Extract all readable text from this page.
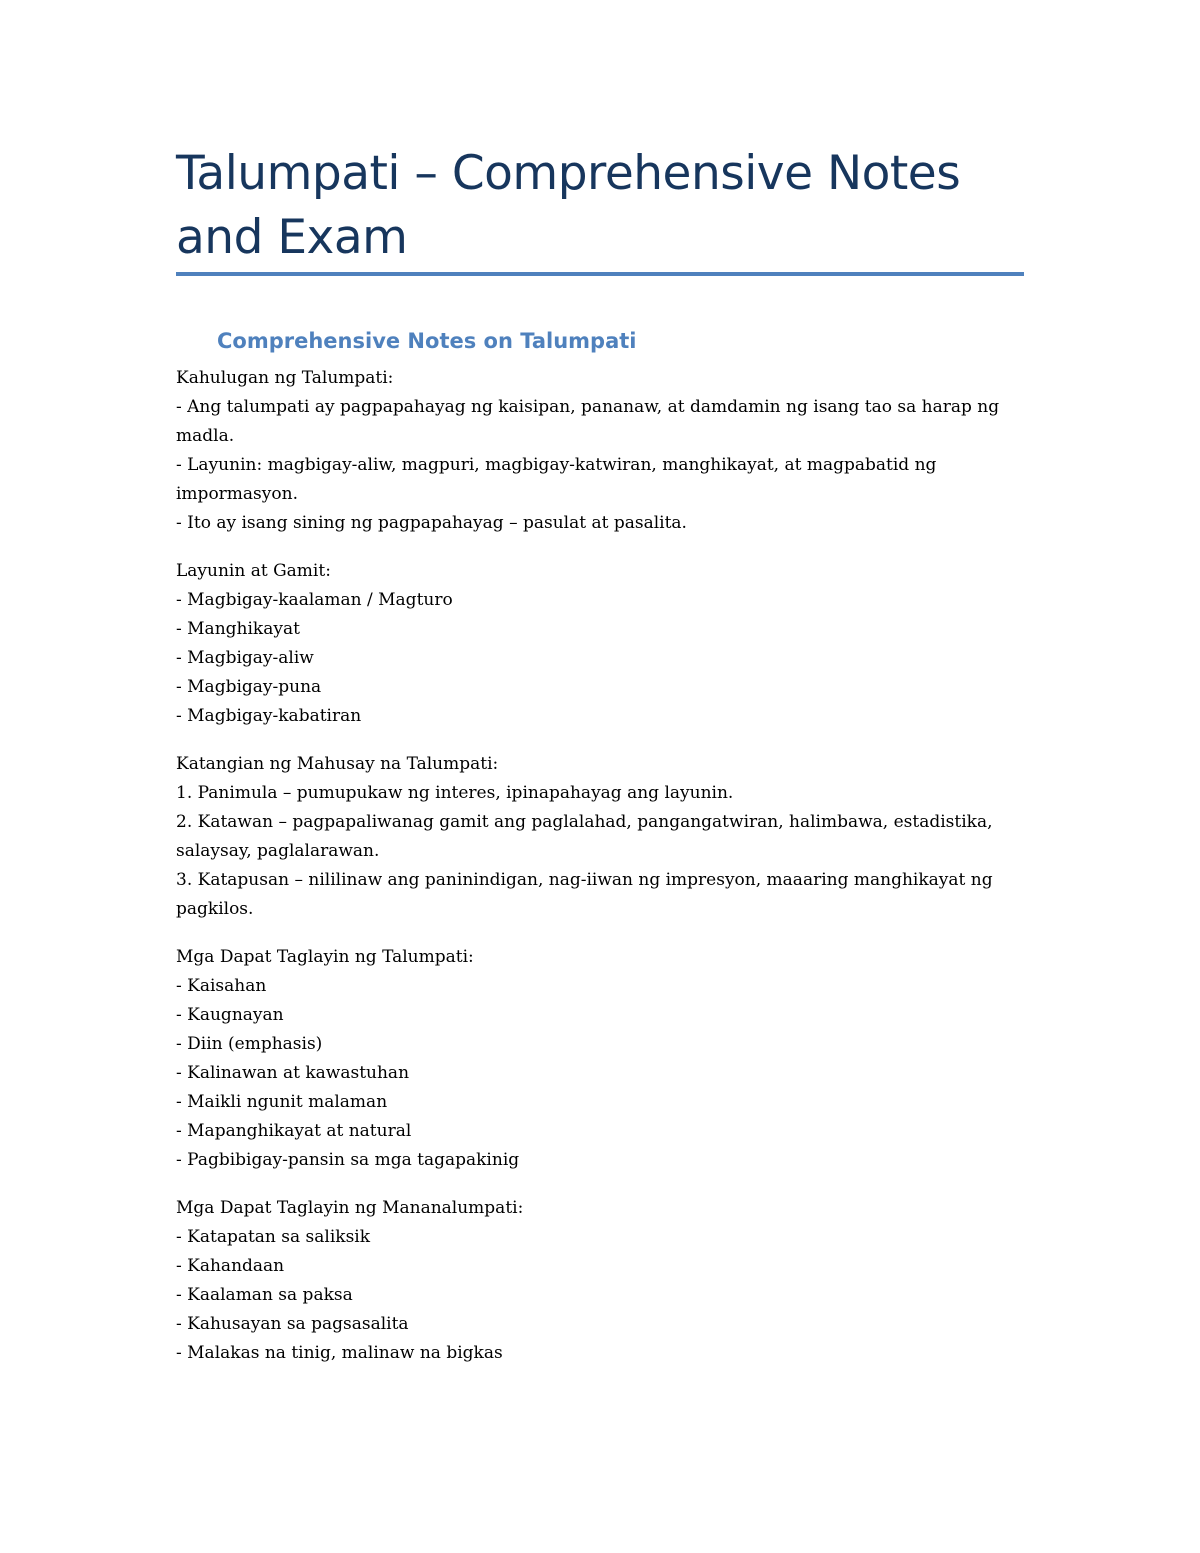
Talumpati – Comprehensive Notes and Exam
Comprehensive Notes on Talumpati
Kahulugan ng Talumpati:
- Ang talumpati ay pagpapahayag ng kaisipan, pananaw, at damdamin ng isang tao sa harap ng madla.
- Layunin: magbigay-aliw, magpuri, magbigay-katwiran, manghikayat, at magpabatid ng impormasyon.
- Ito ay isang sining ng pagpapahayag – pasulat at pasalita.
Layunin at Gamit:
- Magbigay-kaalaman / Magturo
- Manghikayat
- Magbigay-aliw
- Magbigay-puna
- Magbigay-kabatiran
Katangian ng Mahusay na Talumpati:
1. Panimula – pumupukaw ng interes, ipinapahayag ang layunin.
2. Katawan – pagpapaliwanag gamit ang paglalahad, pangangatwiran, halimbawa, estadistika, salaysay, paglalarawan.
3. Katapusan – nililinaw ang paninindigan, nag-iiwan ng impresyon, maaaring manghikayat ng pagkilos.
Mga Dapat Taglayin ng Talumpati:
- Kaisahan
- Kaugnayan
- Diin (emphasis)
- Kalinawan at kawastuhan
- Maikli ngunit malaman
- Mapanghikayat at natural
- Pagbibigay-pansin sa mga tagapakinig
Mga Dapat Taglayin ng Mananalumpati:
- Katapatan sa saliksik
- Kahandaan
- Kaalaman sa paksa
- Kahusayan sa pagsasalita
- Malakas na tinig, malinaw na bigkas
